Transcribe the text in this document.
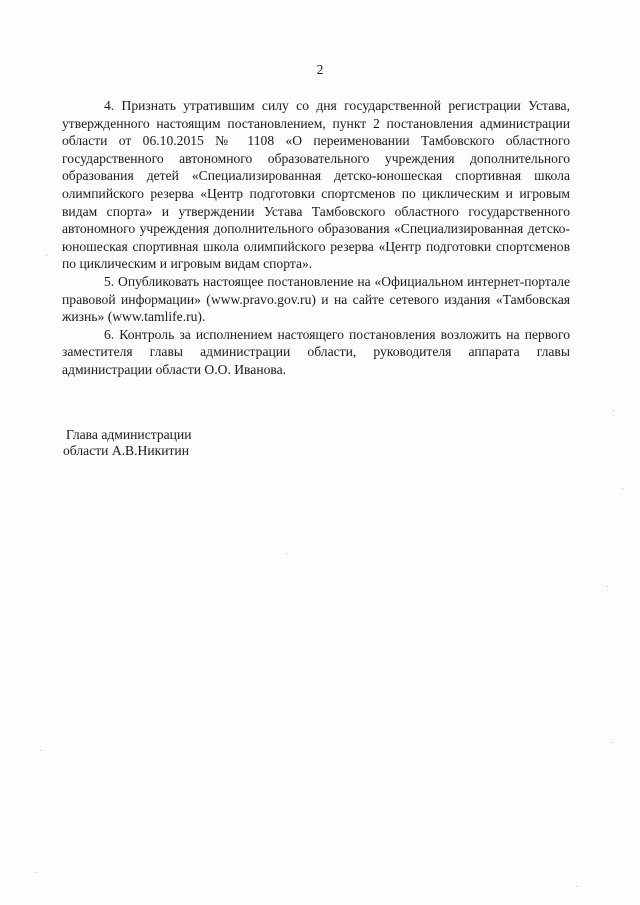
2

4. Признать утратившим силу со дня государственной регистрации Устава, утвержденного настоящим постановлением, пункт 2 постановления администрации области от 06.10.2015 № 1108 «О переименовании Тамбовского областного государственного автономного образовательного учреждения дополнительного образования детей «Специализированная детско-юношеская спортивная школа олимпийского резерва «Центр подготовки спортсменов по циклическим и игровым видам спорта» и утверждении Устава Тамбовского областного государственного автономного учреждения дополнительного образования «Специализированная детско-юношеская спортивная школа олимпийского резерва «Центр подготовки спортсменов по циклическим и игровым видам спорта».

5. Опубликовать настоящее постановление на «Официальном интернет-портале правовой информации» (www.pravo.gov.ru) и на сайте сетевого издания «Тамбовская жизнь» (www.tamlife.ru).

6. Контроль за исполнением настоящего постановления возложить на первого заместителя главы администрации области, руководителя аппарата главы администрации области О.О. Иванова.

Глава администрации
области А.В.Никитин
